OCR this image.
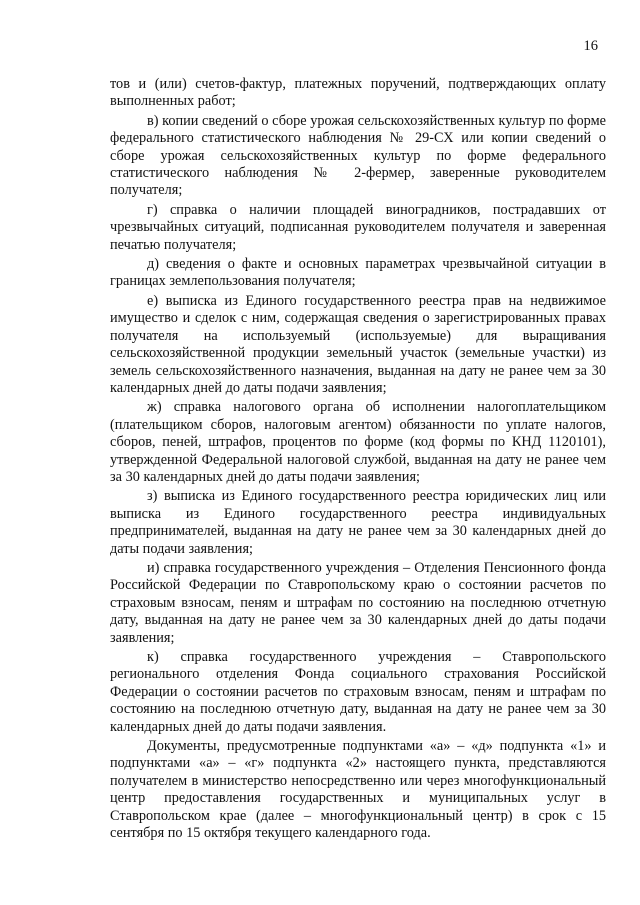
16

тов и (или) счетов-фактур, платежных поручений, подтверждающих оплату выполненных работ;

в) копии сведений о сборе урожая сельскохозяйственных культур по форме федерального статистического наблюдения № 29-СХ или копии сведений о сборе урожая сельскохозяйственных культур по форме федерального статистического наблюдения № 2-фермер, заверенные руководителем получателя;

г) справка о наличии площадей виноградников, пострадавших от чрезвычайных ситуаций, подписанная руководителем получателя и заверенная печатью получателя;

д) сведения о факте и основных параметрах чрезвычайной ситуации в границах землепользования получателя;

е) выписка из Единого государственного реестра прав на недвижимое имущество и сделок с ним, содержащая сведения о зарегистрированных правах получателя на используемый (используемые) для выращивания сельскохозяйственной продукции земельный участок (земельные участки) из земель сельскохозяйственного назначения, выданная на дату не ранее чем за 30 календарных дней до даты подачи заявления;

ж) справка налогового органа об исполнении налогоплательщиком (плательщиком сборов, налоговым агентом) обязанности по уплате налогов, сборов, пеней, штрафов, процентов по форме (код формы по КНД 1120101), утвержденной Федеральной налоговой службой, выданная на дату не ранее чем за 30 календарных дней до даты подачи заявления;

з) выписка из Единого государственного реестра юридических лиц или выписка из Единого государственного реестра индивидуальных предпринимателей, выданная на дату не ранее чем за 30 календарных дней до даты подачи заявления;

и) справка государственного учреждения – Отделения Пенсионного фонда Российской Федерации по Ставропольскому краю о состоянии расчетов по страховым взносам, пеням и штрафам по состоянию на последнюю отчетную дату, выданная на дату не ранее чем за 30 календарных дней до даты подачи заявления;

к) справка государственного учреждения – Ставропольского регионального отделения Фонда социального страхования Российской Федерации о состоянии расчетов по страховым взносам, пеням и штрафам по состоянию на последнюю отчетную дату, выданная на дату не ранее чем за 30 календарных дней до даты подачи заявления.

Документы, предусмотренные подпунктами «а» – «д» подпункта «1» и подпунктами «а» – «г» подпункта «2» настоящего пункта, представляются получателем в министерство непосредственно или через многофункциональный центр предоставления государственных и муниципальных услуг в Ставропольском крае (далее – многофункциональный центр) в срок с 15 сентября по 15 октября текущего календарного года.
